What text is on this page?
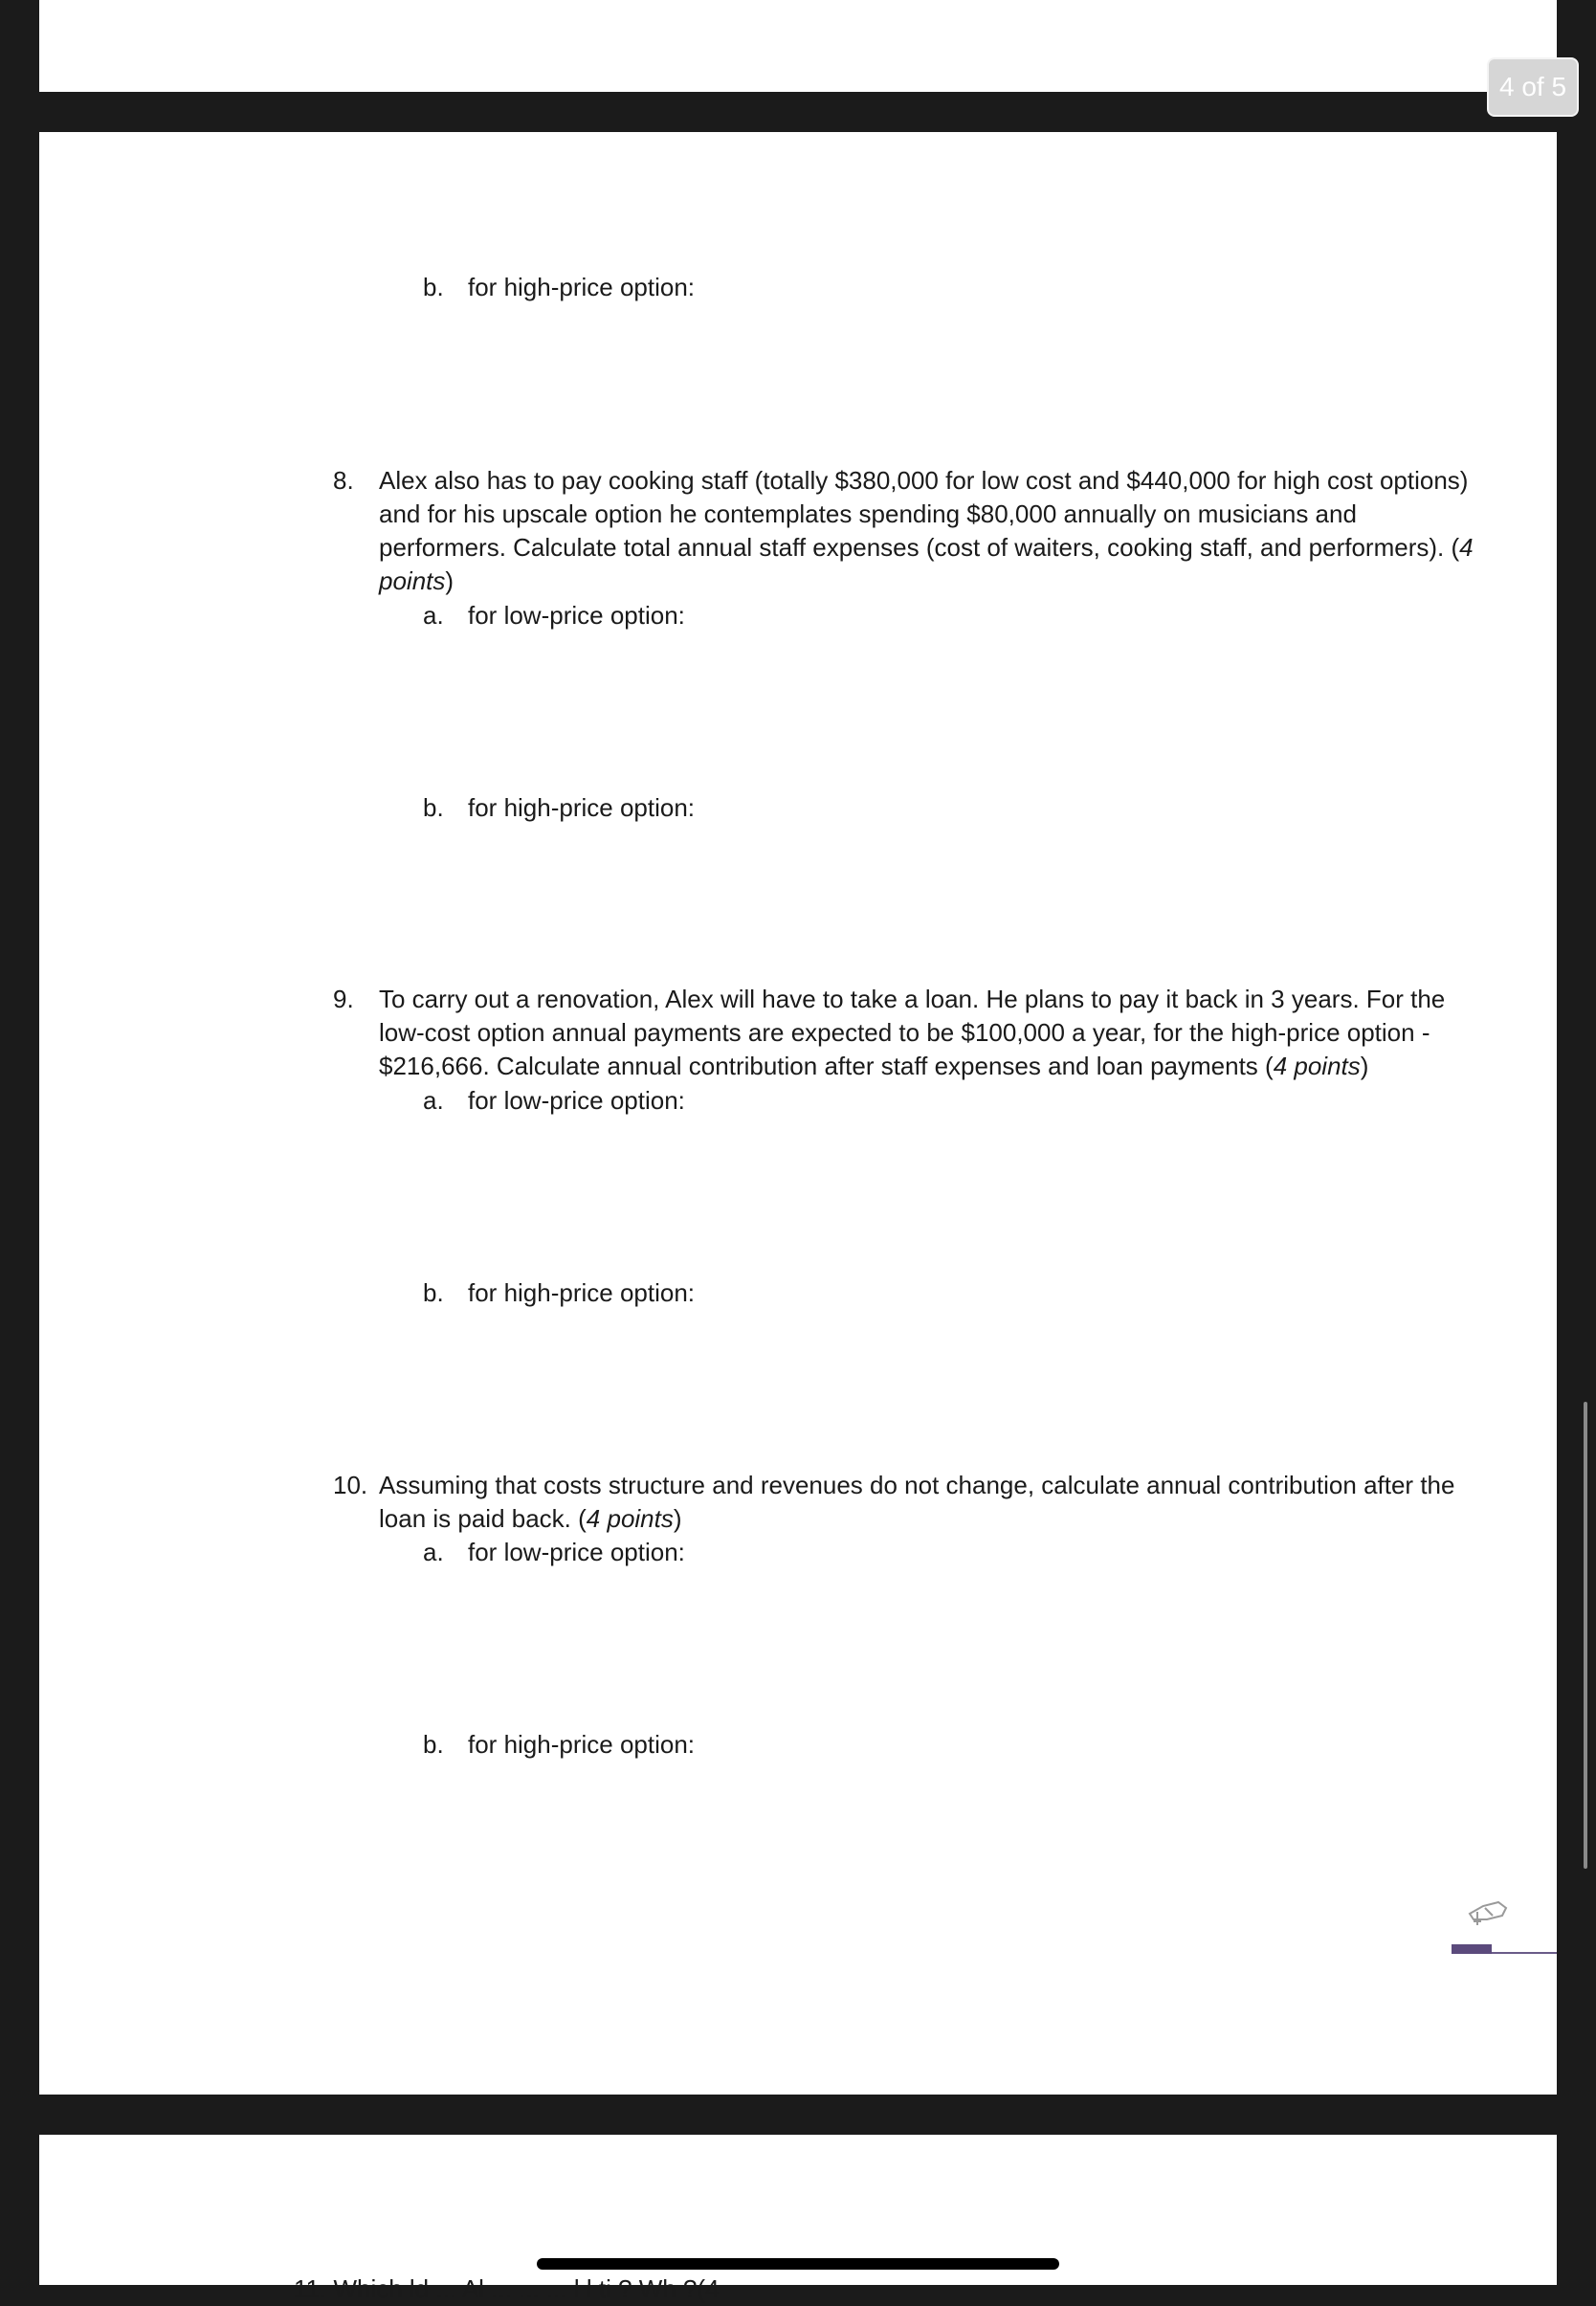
4 of 5
b. for high-price option:
8.	Alex also has to pay cooking staff (totally $380,000 for low cost and $440,000 for high cost options)
and for his upscale option he contemplates spending $80,000 annually on musicians and
performers. Calculate total annual staff expenses (cost of waiters, cooking staff, and performers). (4
points)
a. for low-price option:
b. for high-price option:
9.	To carry out a renovation, Alex will have to take a loan. He plans to pay it back in 3 years. For the
low-cost option annual payments are expected to be $100,000 a year, for the high-price option -
$216,666. Calculate annual contribution after staff expenses and loan payments (4 points)
a. for low-price option:
b. for high-price option:
10. Assuming that costs structure and revenues do not change, calculate annual contribution after the
loan is paid back. (4 points)
a. for low-price option:
b. for high-price option:
11. Which ld ... Al ... ... ... l l ti ? Wh ?(4
